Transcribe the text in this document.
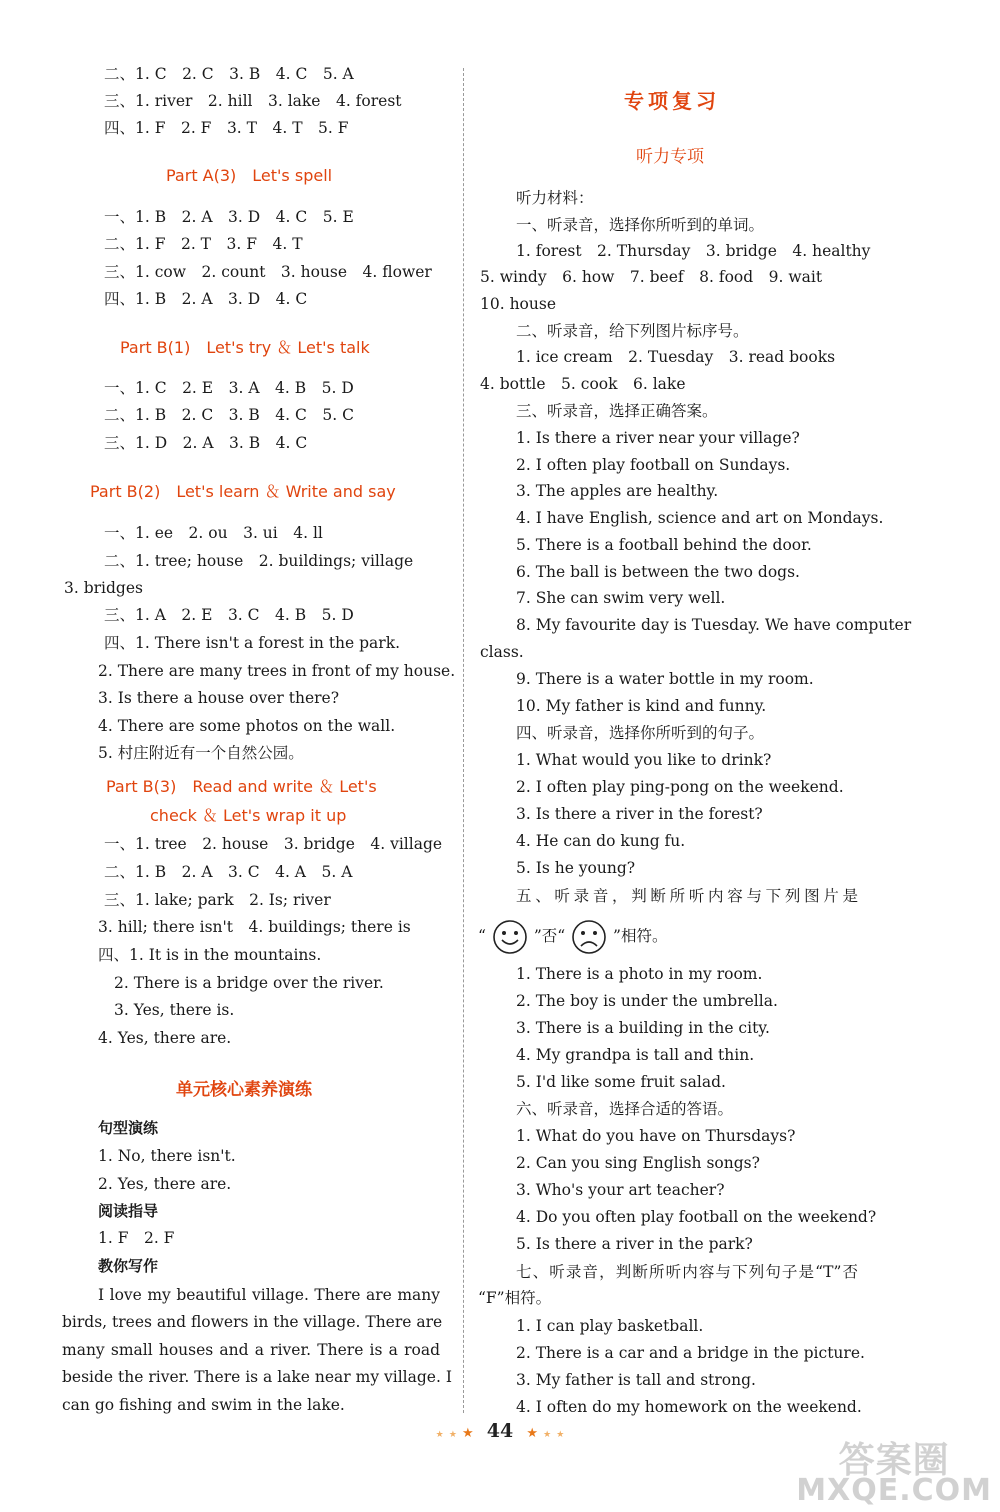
二、1. C　2. C　3. B　4. C　5. A
三、1. river　2. hill　3. lake　4. forest
四、1. F　2. F　3. T　4. T　5. F
Part A(3)　Let's spell
一、1. B　2. A　3. D　4. C　5. E
二、1. F　2. T　3. F　4. T
三、1. cow　2. count　3. house　4. flower
四、1. B　2. A　3. D　4. C
Part B(1)　Let's try ＆ Let's talk
一、1. C　2. E　3. A　4. B　5. D
二、1. B　2. C　3. B　4. C　5. C
三、1. D　2. A　3. B　4. C
Part B(2)　Let's learn ＆ Write and say
一、1. ee　2. ou　3. ui　4. ll
二、1. tree; house　2. buildings; village
3. bridges
三、1. A　2. E　3. C　4. B　5. D
四、1. There isn't a forest in the park.
2. There are many trees in front of my house.
3. Is there a house over there?
4. There are some photos on the wall.
5. 村庄附近有一个自然公园。
Part B(3)　Read and write ＆ Let's
check ＆ Let's wrap it up
一、1. tree　2. house　3. bridge　4. village
二、1. B　2. A　3. C　4. A　5. A
三、1. lake; park　2. Is; river
3. hill; there isn't　4. buildings; there is
四、1. It is in the mountains.
2. There is a bridge over the river.
3. Yes, there is.
4. Yes, there are.
单元核心素养演练
句型演练
1. No, there isn't.
2. Yes, there are.
阅读指导
1. F　2. F
教你写作
I love my beautiful village. There are many
birds, trees and flowers in the village. There are
many small houses and a river. There is a road
beside the river. There is a lake near my village. I
can go fishing and swim in the lake.
专项复习
听力专项
听力材料：
一、听录音，选择你所听到的单词。
1. forest　2. Thursday　3. bridge　4. healthy
5. windy　6. how　7. beef　8. food　9. wait
10. house
二、听录音，给下列图片标序号。
1. ice cream　2. Tuesday　3. read books
4. bottle　5. cook　6. lake
三、听录音，选择正确答案。
1. Is there a river near your village?
2. I often play football on Sundays.
3. The apples are healthy.
4. I have English, science and art on Mondays.
5. There is a football behind the door.
6. The ball is between the two dogs.
7. She can swim very well.
8. My favourite day is Tuesday. We have computer
class.
9. There is a water bottle in my room.
10. My father is kind and funny.
四、听录音，选择你所听到的句子。
1. What would you like to drink?
2. I often play ping-pong on the weekend.
3. Is there a river in the forest?
4. He can do kung fu.
5. Is he young?
五、听录音，判断所听内容与下列图片是
“	”否“	”相符。
1. There is a photo in my room.
2. The boy is under the umbrella.
3. There is a building in the city.
4. My grandpa is tall and thin.
5. I'd like some fruit salad.
六、听录音，选择合适的答语。
1. What do you have on Thursdays?
2. Can you sing English songs?
3. Who's your art teacher?
4. Do you often play football on the weekend?
5. Is there a river in the park?
七、听录音，判断所听内容与下列句子是“T”否
“F”相符。
1. I can play basketball.
2. There is a car and a bridge in the picture.
3. My father is tall and strong.
4. I often do my homework on the weekend.
★ ★ ★ 44 ★ ★ ★
答案圈
MXQE.COM
